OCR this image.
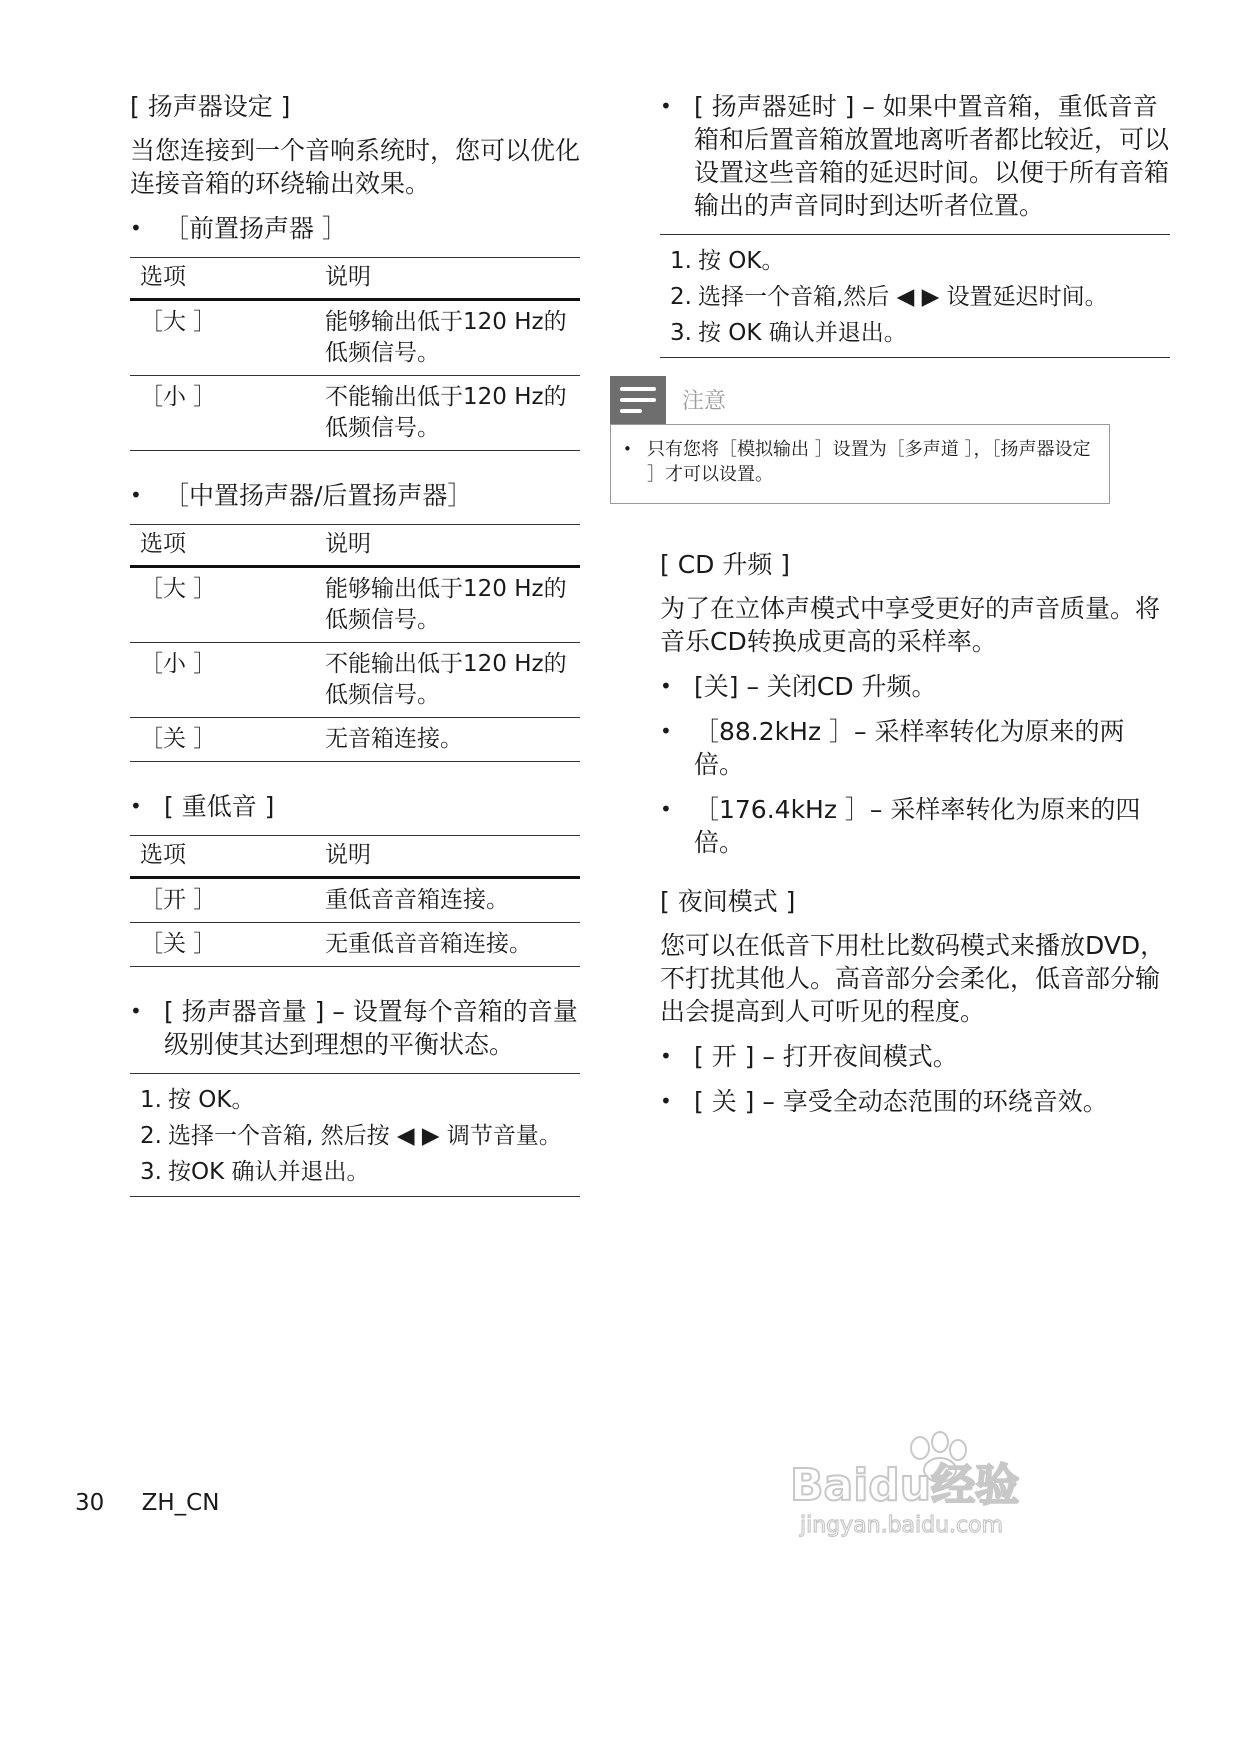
[ 扬声器设定 ]
当您连接到一个音响系统时，您可以优化连接音箱的环绕输出效果。
• ［前置扬声器 ］
选项	说明
［大 ］	能够输出低于120 Hz的低频信号。
［小 ］	不能输出低于120 Hz的低频信号。
• ［中置扬声器/后置扬声器］
选项	说明
［大 ］	能够输出低于120 Hz的低频信号。
［小 ］	不能输出低于120 Hz的低频信号。
［关 ］	无音箱连接。
• [ 重低音 ]
选项	说明
［开 ］	重低音音箱连接。
［关 ］	无重低音音箱连接。
• [ 扬声器音量 ] – 设置每个音箱的音量级别使其达到理想的平衡状态。
1. 按 OK。
2. 选择一个音箱, 然后按 ◀ ▶ 调节音量。
3. 按OK 确认并退出。
• [ 扬声器延时 ] – 如果中置音箱，重低音音箱和后置音箱放置地离听者都比较近，可以设置这些音箱的延迟时间。以便于所有音箱输出的声音同时到达听者位置。
1. 按 OK。
2. 选择一个音箱,然后 ◀ ▶ 设置延迟时间。
3. 按 OK 确认并退出。
注意
• 只有您将［模拟输出 ］设置为［多声道 ］，［扬声器设定 ］才可以设置。
[ CD 升频 ]
为了在立体声模式中享受更好的声音质量。将音乐CD转换成更高的采样率。
• [关] – 关闭CD 升频。
• ［88.2kHz ］– 采样率转化为原来的两倍。
• ［176.4kHz ］– 采样率转化为原来的四倍。
[ 夜间模式 ]
您可以在低音下用杜比数码模式来播放DVD，不打扰其他人。高音部分会柔化，低音部分输出会提高到人可听见的程度。
• [ 开 ] – 打开夜间模式。
• [ 关 ] – 享受全动态范围的环绕音效。
30 ZH_CN	Baidu经验
jingyan.baidu.com
